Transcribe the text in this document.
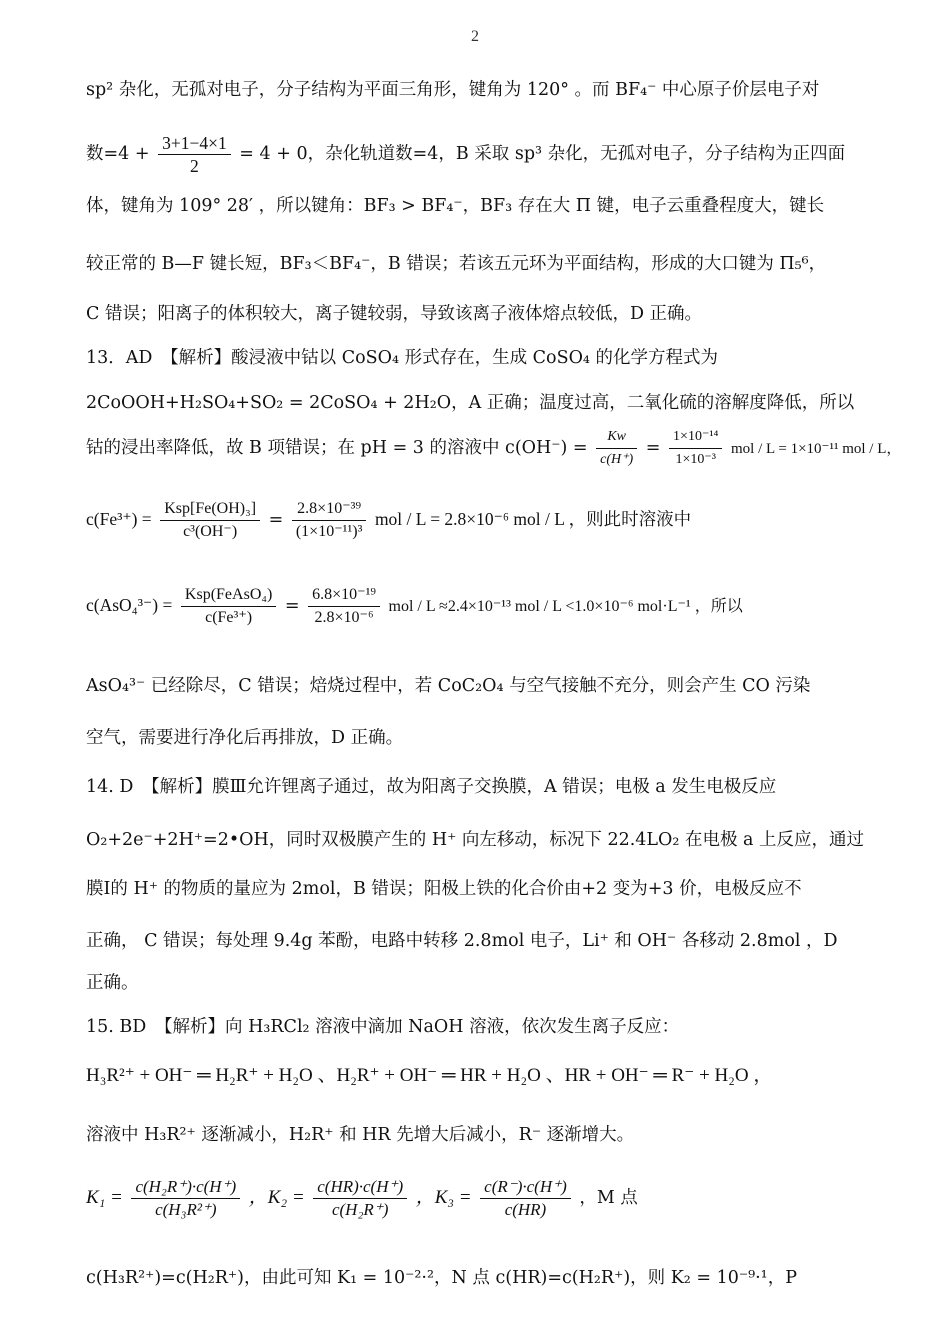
2
sp² 杂化，无孤对电子，分子结构为平面三角形，键角为 120° 。而 BF₄⁻ 中心原子价层电子对
数$=4 + \frac{3+1-4\times 1}{2} = 4 + 0$，杂化轨道数=4，B 采取 sp³ 杂化，无孤对电子，分子结构为正四面
体，键角为 109° 28′ ，所以键角：BF₃ > BF₄⁻，BF₃ 存在大 Π 键，电子云重叠程度大，键长
较正常的 B—F 键长短，BF₃＜BF₄⁻，B 错误；若该五元环为平面结构，形成的大口键为 Π₅⁶，
C 错误；阳离子的体积较大，离子键较弱，导致该离子液体熔点较低，D 正确。
13．AD　【解析】酸浸液中钴以 CoSO₄ 形式存在，生成 CoSO₄ 的化学方程式为
2CoOOH+H₂SO₄+SO₂ = 2CoSO₄ + 2H₂O，A 正确；温度过高，二氧化硫的溶解度降低，所以
钴的浸出率降低，故 B 项错误；在 pH = 3 的溶液中 $c(OH^-) = \frac{Kw}{c(H^+)} = \frac{\text{1×10⁻¹⁴}}{\text{1×10⁻³}}$ mol / L = 1×10⁻¹¹ mol / L，
$c(Fe^{3+}) = \frac{\text{Ksp[Fe(OH)₃]}}{\text{c³(OH⁻)}} = \frac{\text{2.8×10⁻³⁹}}{\text{(1×10⁻¹¹)³}}$ mol / L = 2.8×10⁻⁶ mol / L ，则此时溶液中
$c(AsO_4^{3-}) = \frac{\text{Ksp(FeAsO₄)}}{\text{c(Fe³⁺)}} = \frac{\text{6.8×10⁻¹⁹}}{\text{2.8×10⁻⁶}}$ mol / L ≈2.4×10⁻¹³ mol / L <1.0×10⁻⁶ mol·L⁻¹ ，所以
AsO₄³⁻ 已经除尽，C 错误；焙烧过程中，若 CoC₂O₄ 与空气接触不充分，则会产生 CO 污染
空气，需要进行净化后再排放，D 正确。
14. D　【解析】膜Ⅲ允许锂离子通过，故为阳离子交换膜，A 错误；电极 a 发生电极反应
O₂+2e⁻+2H⁺=2•OH，同时双极膜产生的 H⁺ 向左移动，标况下 22.4LO₂ 在电极 a 上反应，通过
膜Ⅰ的 H⁺ 的物质的量应为 2mol，B 错误；阳极上铁的化合价由+2 变为+3 价，电极反应不
正确， C 错误；每处理 9.4g 苯酚，电路中转移 2.8mol 电子，Li⁺ 和 OH⁻ 各移动 2.8mol ，D
正确。
15. BD　【解析】向 H₃RCl₂ 溶液中滴加 NaOH 溶液，依次发生离子反应：
H₃R²⁺ + OH⁻ ═ H₂R⁺ + H₂O 、H₂R⁺ + OH⁻ ═ HR + H₂O 、HR + OH⁻ ═ R⁻ + H₂O ，
溶液中 H₃R²⁺ 逐渐减小，H₂R⁺ 和 HR 先增大后减小，R⁻ 逐渐增大。
$K_1 = \frac{\text{c(H₂R⁺)·c(H⁺)}}{\text{c(H₃R²⁺)}}$ ，$K_2 = \frac{c(HR)\cdot c(H^+)}{\text{c(H₂R⁺)}}$ ，$K_3 = \frac{c(R^-)\cdot c(H^+)}{c(HR)}$ ，M 点
c(H₃R²⁺)=c(H₂R⁺)，由此可知 K₁ = 10⁻²·²，N 点 c(HR)=c(H₂R⁺)，则 K₂ = 10⁻⁹·¹，P
